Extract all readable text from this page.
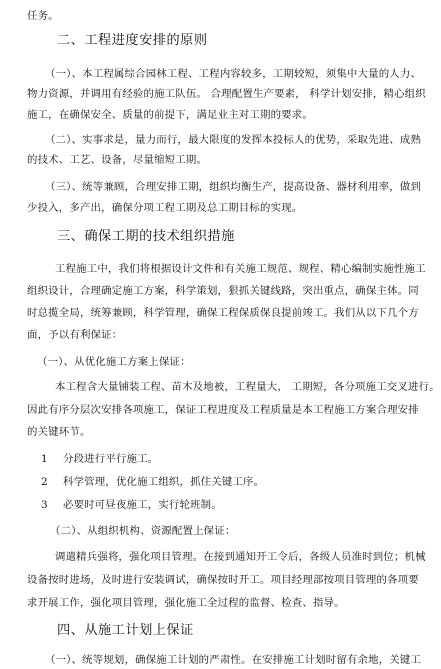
任务。
二、工程进度安排的原则
（一）、本工程属综合园林工程、工程内容较多，工期较短，须集中大量的人力、
物力资源，并调用有经验的施工队伍。 合理配置生产要素， 科学计划安排，精心组织
施工，在确保安全、质量的前提下，满足业主对工期的要求。
（二）、实事求是，量力而行，最大限度的发挥本投标人的优势，采取先进、成熟
的技术、工艺、设备，尽量缩短工期。
（三）、统等兼顾，合理安排工期，组织均衡生产，提高设备、器材利用率，做到
少投入，多产出，确保分项工程工期及总工期目标的实现。
三、确保工期的技术组织措施
工程施工中，我们将根据设计文件和有关施工规范、规程、精心编制实施性施工
组织设计，合理确定施工方案，科学策划，狠抓关键线路，突出重点，确保主体。同
时总揽全局，统筹兼顾，科学管理，确保工程保质保良提前竣工。我们从以下几个方
面，予以有利保证：
（一）、从优化施工方案上保证：
本工程含大量铺装工程、苗木及地被，工程量大， 工期短，各分项施工交叉进行。
因此有序分层次安排各项施工，保证工程进度及工程质量是本工程施工方案合理安排
的关键环节。
1 分段进行平行施工。
2 科学管理，优化施工组织，抓住关键工序。
3 必要时可昼夜施工，实行轮班制。
（二）、从组织机构、资源配置上保证：
调遣精兵强将，强化项目管理。在接到通知开工令后，各级人员准时到位；机械
设备按时进场，及时进行安装调试，确保按时开工。项目经理部按项目管理的各项要
求开展工作，强化项目管理，强化施工全过程的监督、检查、指导。
四、从施工计划上保证
（一）、统等规划，确保施工计划的严肃性。在安排施工计划时留有余地，关键工
